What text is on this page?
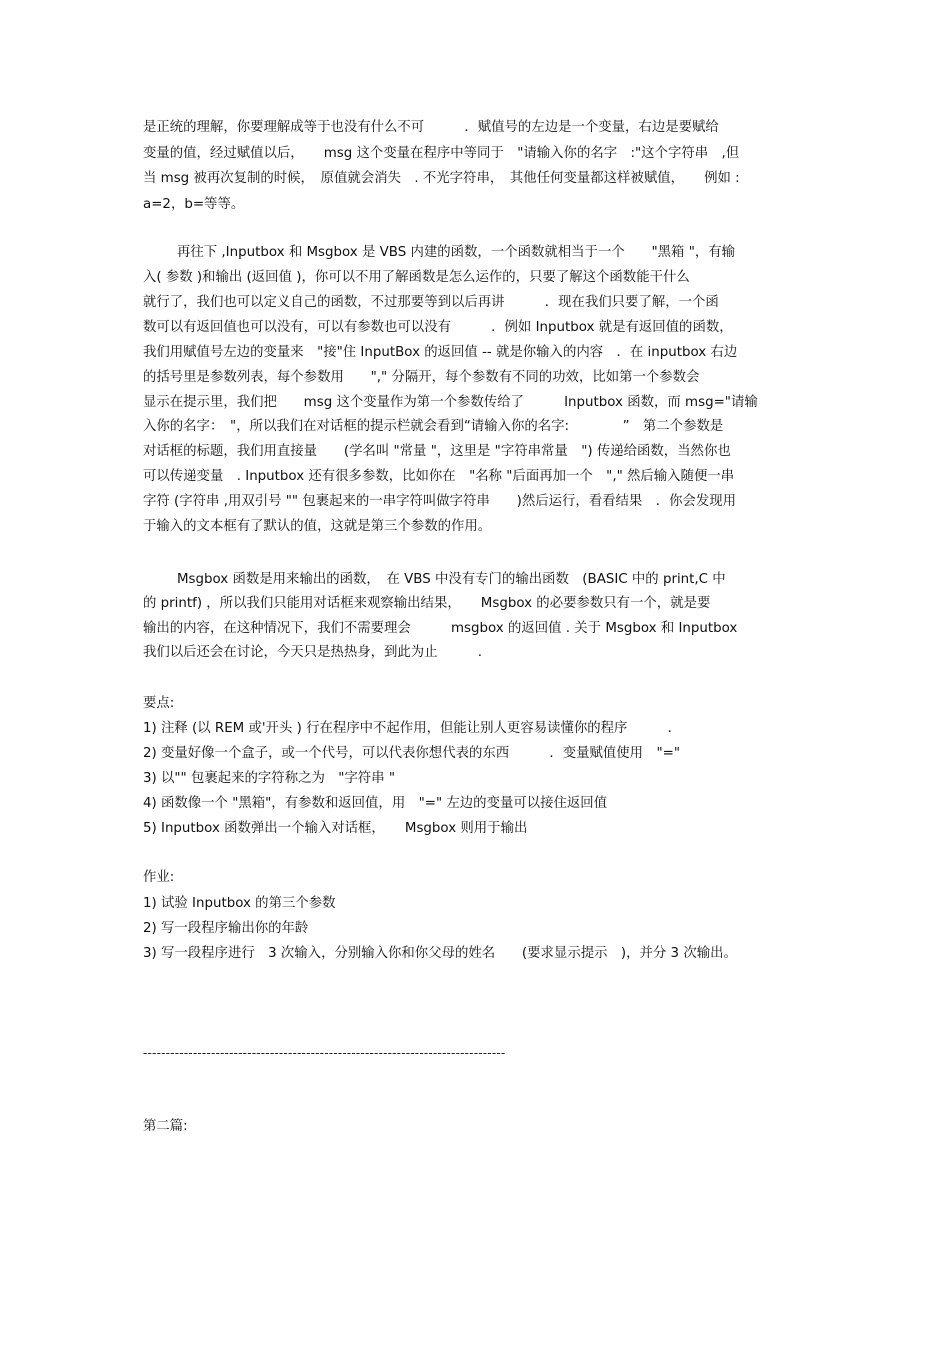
是正统的理解，你要理解成等于也没有什么不可　　　．赋值号的左边是一个变量，右边是要赋给
变量的值，经过赋值以后，　　msg 这个变量在程序中等同于　"请输入你的名字　:"这个字符串　,但
当 msg 被再次复制的时候，　原值就会消失　. 不光字符串，　其他任何变量都这样被赋值，　　例如 :
a=2，b=等等。
再往下 ,Inputbox 和 Msgbox 是 VBS 内建的函数，一个函数就相当于一个　　"黑箱 "，有输
入( 参数 )和输出 (返回值 )，你可以不用了解函数是怎么运作的，只要了解这个函数能干什么
就行了，我们也可以定义自己的函数，不过那要等到以后再讲　　　．现在我们只要了解，一个函
数可以有返回值也可以没有，可以有参数也可以没有　　　．例如 Inputbox 就是有返回值的函数，
我们用赋值号左边的变量来　"接"住 InputBox 的返回值 -- 就是你输入的内容　．在 inputbox 右边
的括号里是参数列表，每个参数用　　"," 分隔开，每个参数有不同的功效，比如第一个参数会
显示在提示里，我们把　　msg 这个变量作为第一个参数传给了　　　Inputbox 函数，而 msg="请输
入你的名字：　"，所以我们在对话框的提示栏就会看到“请输入你的名字:　　　　”　第二个参数是
对话框的标题，我们用直接量　　(学名叫 "常量 "，这里是 "字符串常量　") 传递给函数，当然你也
可以传递变量　. Inputbox 还有很多参数，比如你在　"名称 "后面再加一个　"," 然后输入随便一串
字符 (字符串 ,用双引号 "" 包裹起来的一串字符叫做字符串　　)然后运行，看看结果　．你会发现用
于输入的文本框有了默认的值，这就是第三个参数的作用。
Msgbox 函数是用来输出的函数，　在 VBS 中没有专门的输出函数　(BASIC 中的 print,C 中
的 printf) ，所以我们只能用对话框来观察输出结果，　　Msgbox 的必要参数只有一个，就是要
输出的内容，在这种情况下，我们不需要理会　　　msgbox 的返回值 . 关于 Msgbox 和 Inputbox
我们以后还会在讨论，今天只是热热身，到此为止　　　.
要点:
1) 注释 (以 REM 或'开头 ) 行在程序中不起作用，但能让别人更容易读懂你的程序　　　．
2) 变量好像一个盒子，或一个代号，可以代表你想代表的东西　　　．变量赋值使用　"="
3) 以"" 包裹起来的字符称之为　"字符串 "
4) 函数像一个 "黑箱"，有参数和返回值，用　"=" 左边的变量可以接住返回值
5) Inputbox 函数弹出一个输入对话框，　　Msgbox 则用于输出
作业:
1) 试验 Inputbox 的第三个参数
2) 写一段程序输出你的年龄
3) 写一段程序进行　3 次输入，分别输入你和你父母的姓名　　(要求显示提示　)，并分 3 次输出。
--------------------------------------------------------------------------------
第二篇:
